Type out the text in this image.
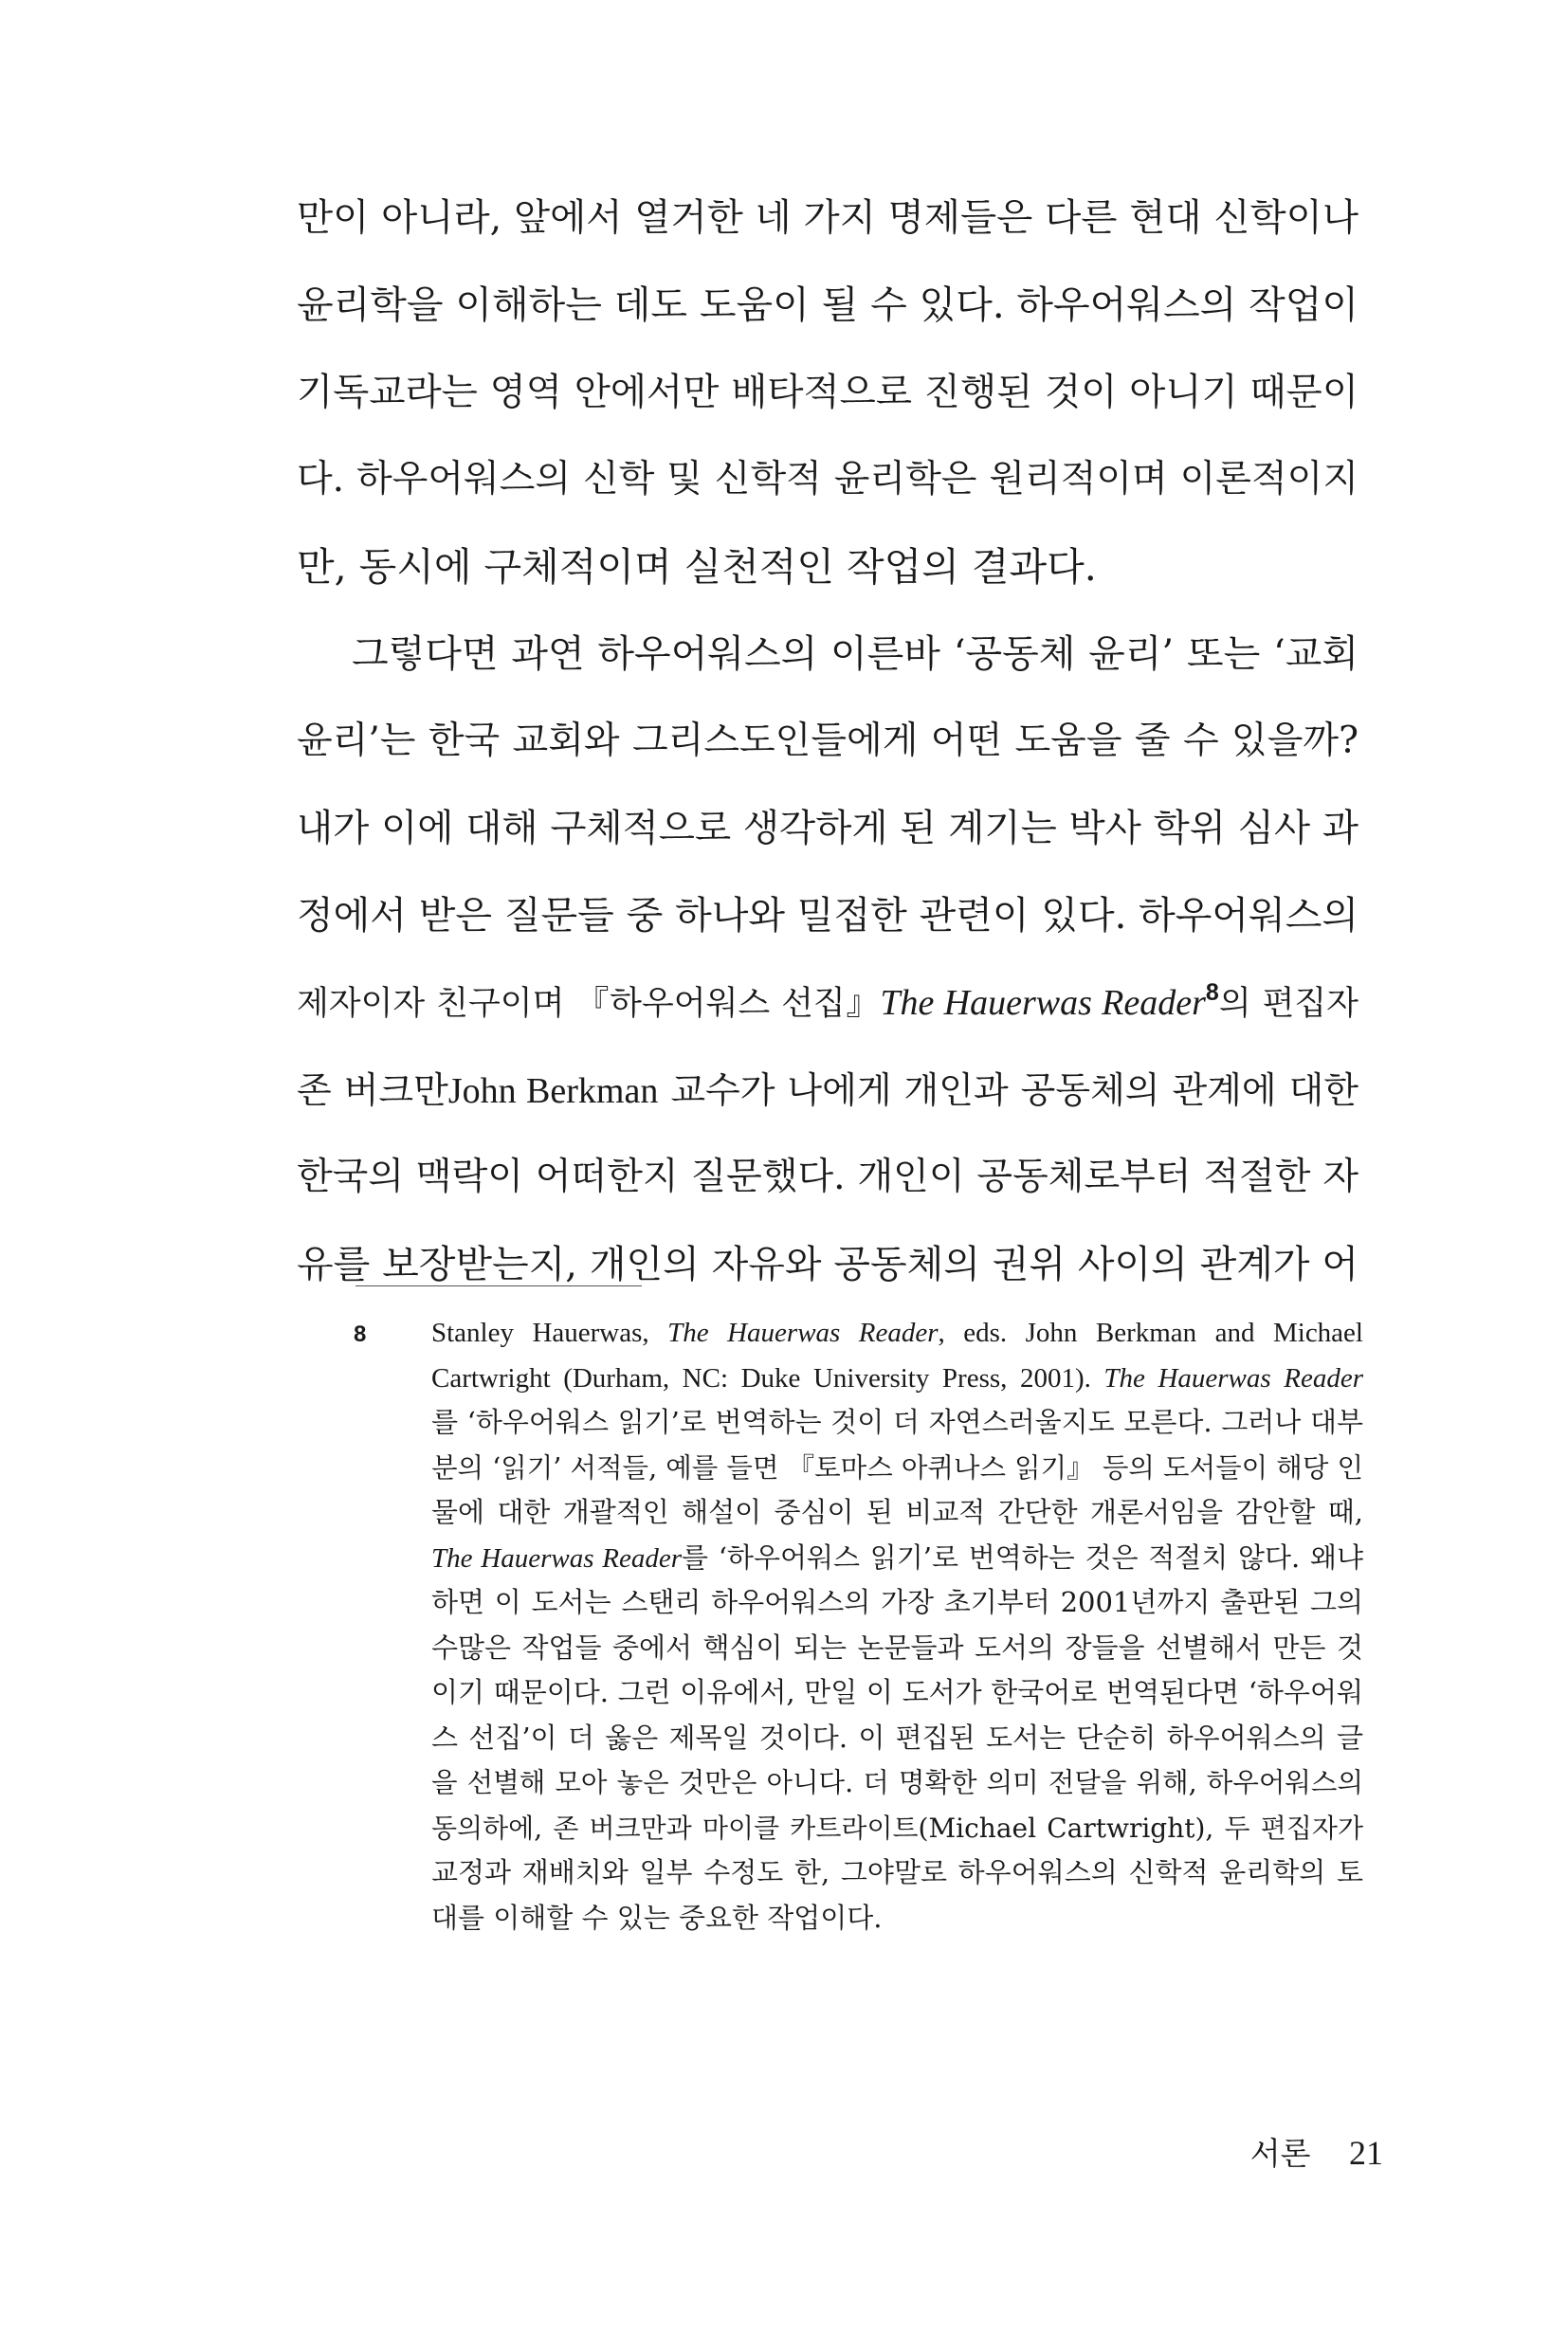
만이 아니라, 앞에서 열거한 네 가지 명제들은 다른 현대 신학이나
윤리학을 이해하는 데도 도움이 될 수 있다. 하우어워스의 작업이
기독교라는 영역 안에서만 배타적으로 진행된 것이 아니기 때문이
다. 하우어워스의 신학 및 신학적 윤리학은 원리적이며 이론적이지
만, 동시에 구체적이며 실천적인 작업의 결과다.
그렇다면 과연 하우어워스의 이른바 ‘공동체 윤리’ 또는 ‘교회
윤리’는 한국 교회와 그리스도인들에게 어떤 도움을 줄 수 있을까?
내가 이에 대해 구체적으로 생각하게 된 계기는 박사 학위 심사 과
정에서 받은 질문들 중 하나와 밀접한 관련이 있다. 하우어워스의
제자이자 친구이며 『하우어워스 선집』The Hauerwas Reader$^8$의 편집자
존 버크만John Berkman 교수가 나에게 개인과 공동체의 관계에 대한
한국의 맥락이 어떠한지 질문했다. 개인이 공동체로부터 적절한 자
유를 보장받는지, 개인의 자유와 공동체의 권위 사이의 관계가 어
8 Stanley Hauerwas, The Hauerwas Reader, eds. John Berkman and Michael
Cartwright (Durham, NC: Duke University Press, 2001). The Hauerwas Reader
를 ‘하우어워스 읽기’로 번역하는 것이 더 자연스러울지도 모른다. 그러나 대부
분의 ‘읽기’ 서적들, 예를 들면 『토마스 아퀴나스 읽기』 등의 도서들이 해당 인
물에 대한 개괄적인 해설이 중심이 된 비교적 간단한 개론서임을 감안할 때,
The Hauerwas Reader를 ‘하우어워스 읽기’로 번역하는 것은 적절치 않다. 왜냐
하면 이 도서는 스탠리 하우어워스의 가장 초기부터 2001년까지 출판된 그의
수많은 작업들 중에서 핵심이 되는 논문들과 도서의 장들을 선별해서 만든 것
이기 때문이다. 그런 이유에서, 만일 이 도서가 한국어로 번역된다면 ‘하우어워
스 선집’이 더 옳은 제목일 것이다. 이 편집된 도서는 단순히 하우어워스의 글
을 선별해 모아 놓은 것만은 아니다. 더 명확한 의미 전달을 위해, 하우어워스의
동의하에, 존 버크만과 마이클 카트라이트(Michael Cartwright), 두 편집자가
교정과 재배치와 일부 수정도 한, 그야말로 하우어워스의 신학적 윤리학의 토
대를 이해할 수 있는 중요한 작업이다.
서론 21
